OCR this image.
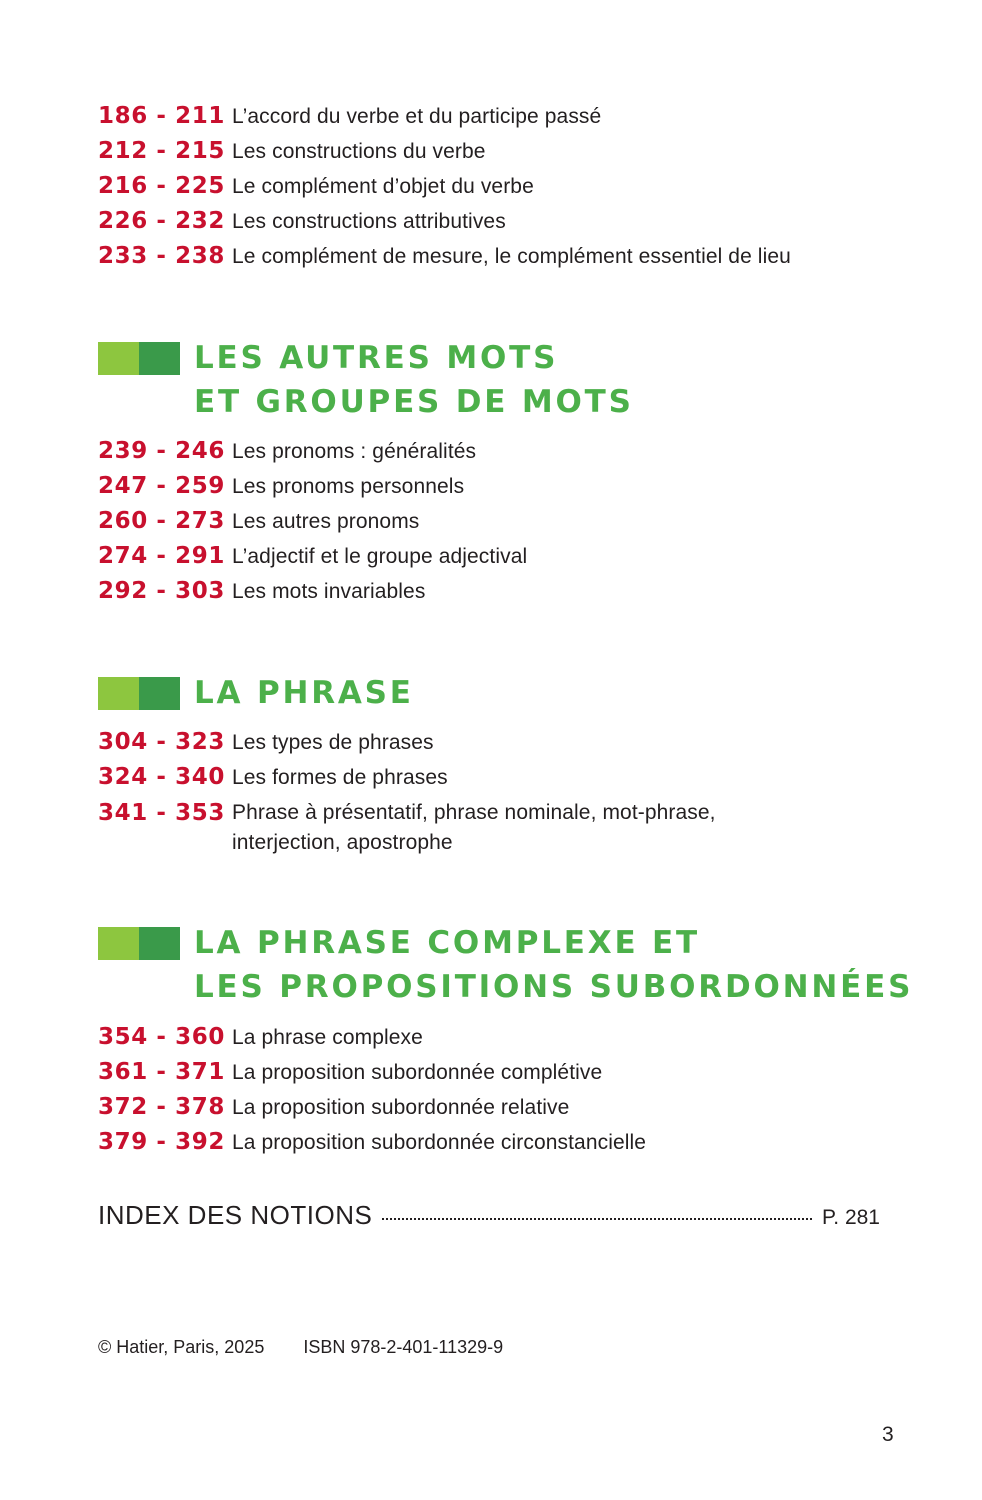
186 - 211 L’accord du verbe et du participe passé
212 - 215 Les constructions du verbe
216 - 225 Le complément d’objet du verbe
226 - 232 Les constructions attributives
233 - 238 Le complément de mesure, le complément essentiel de lieu
LES AUTRES MOTS
ET GROUPES DE MOTS
239 - 246 Les pronoms : généralités
247 - 259 Les pronoms personnels
260 - 273 Les autres pronoms
274 - 291 L’adjectif et le groupe adjectival
292 - 303 Les mots invariables
LA PHRASE
304 - 323 Les types de phrases
324 - 340 Les formes de phrases
341 - 353 Phrase à présentatif, phrase nominale, mot-phrase,
interjection, apostrophe
LA PHRASE COMPLEXE ET
LES PROPOSITIONS SUBORDONNÉES
354 - 360 La phrase complexe
361 - 371 La proposition subordonnée complétive
372 - 378 La proposition subordonnée relative
379 - 392 La proposition subordonnée circonstancielle
INDEX DES NOTIONS	P. 281
© Hatier, Paris, 2025 ISBN 978-2-401-11329-9
3
